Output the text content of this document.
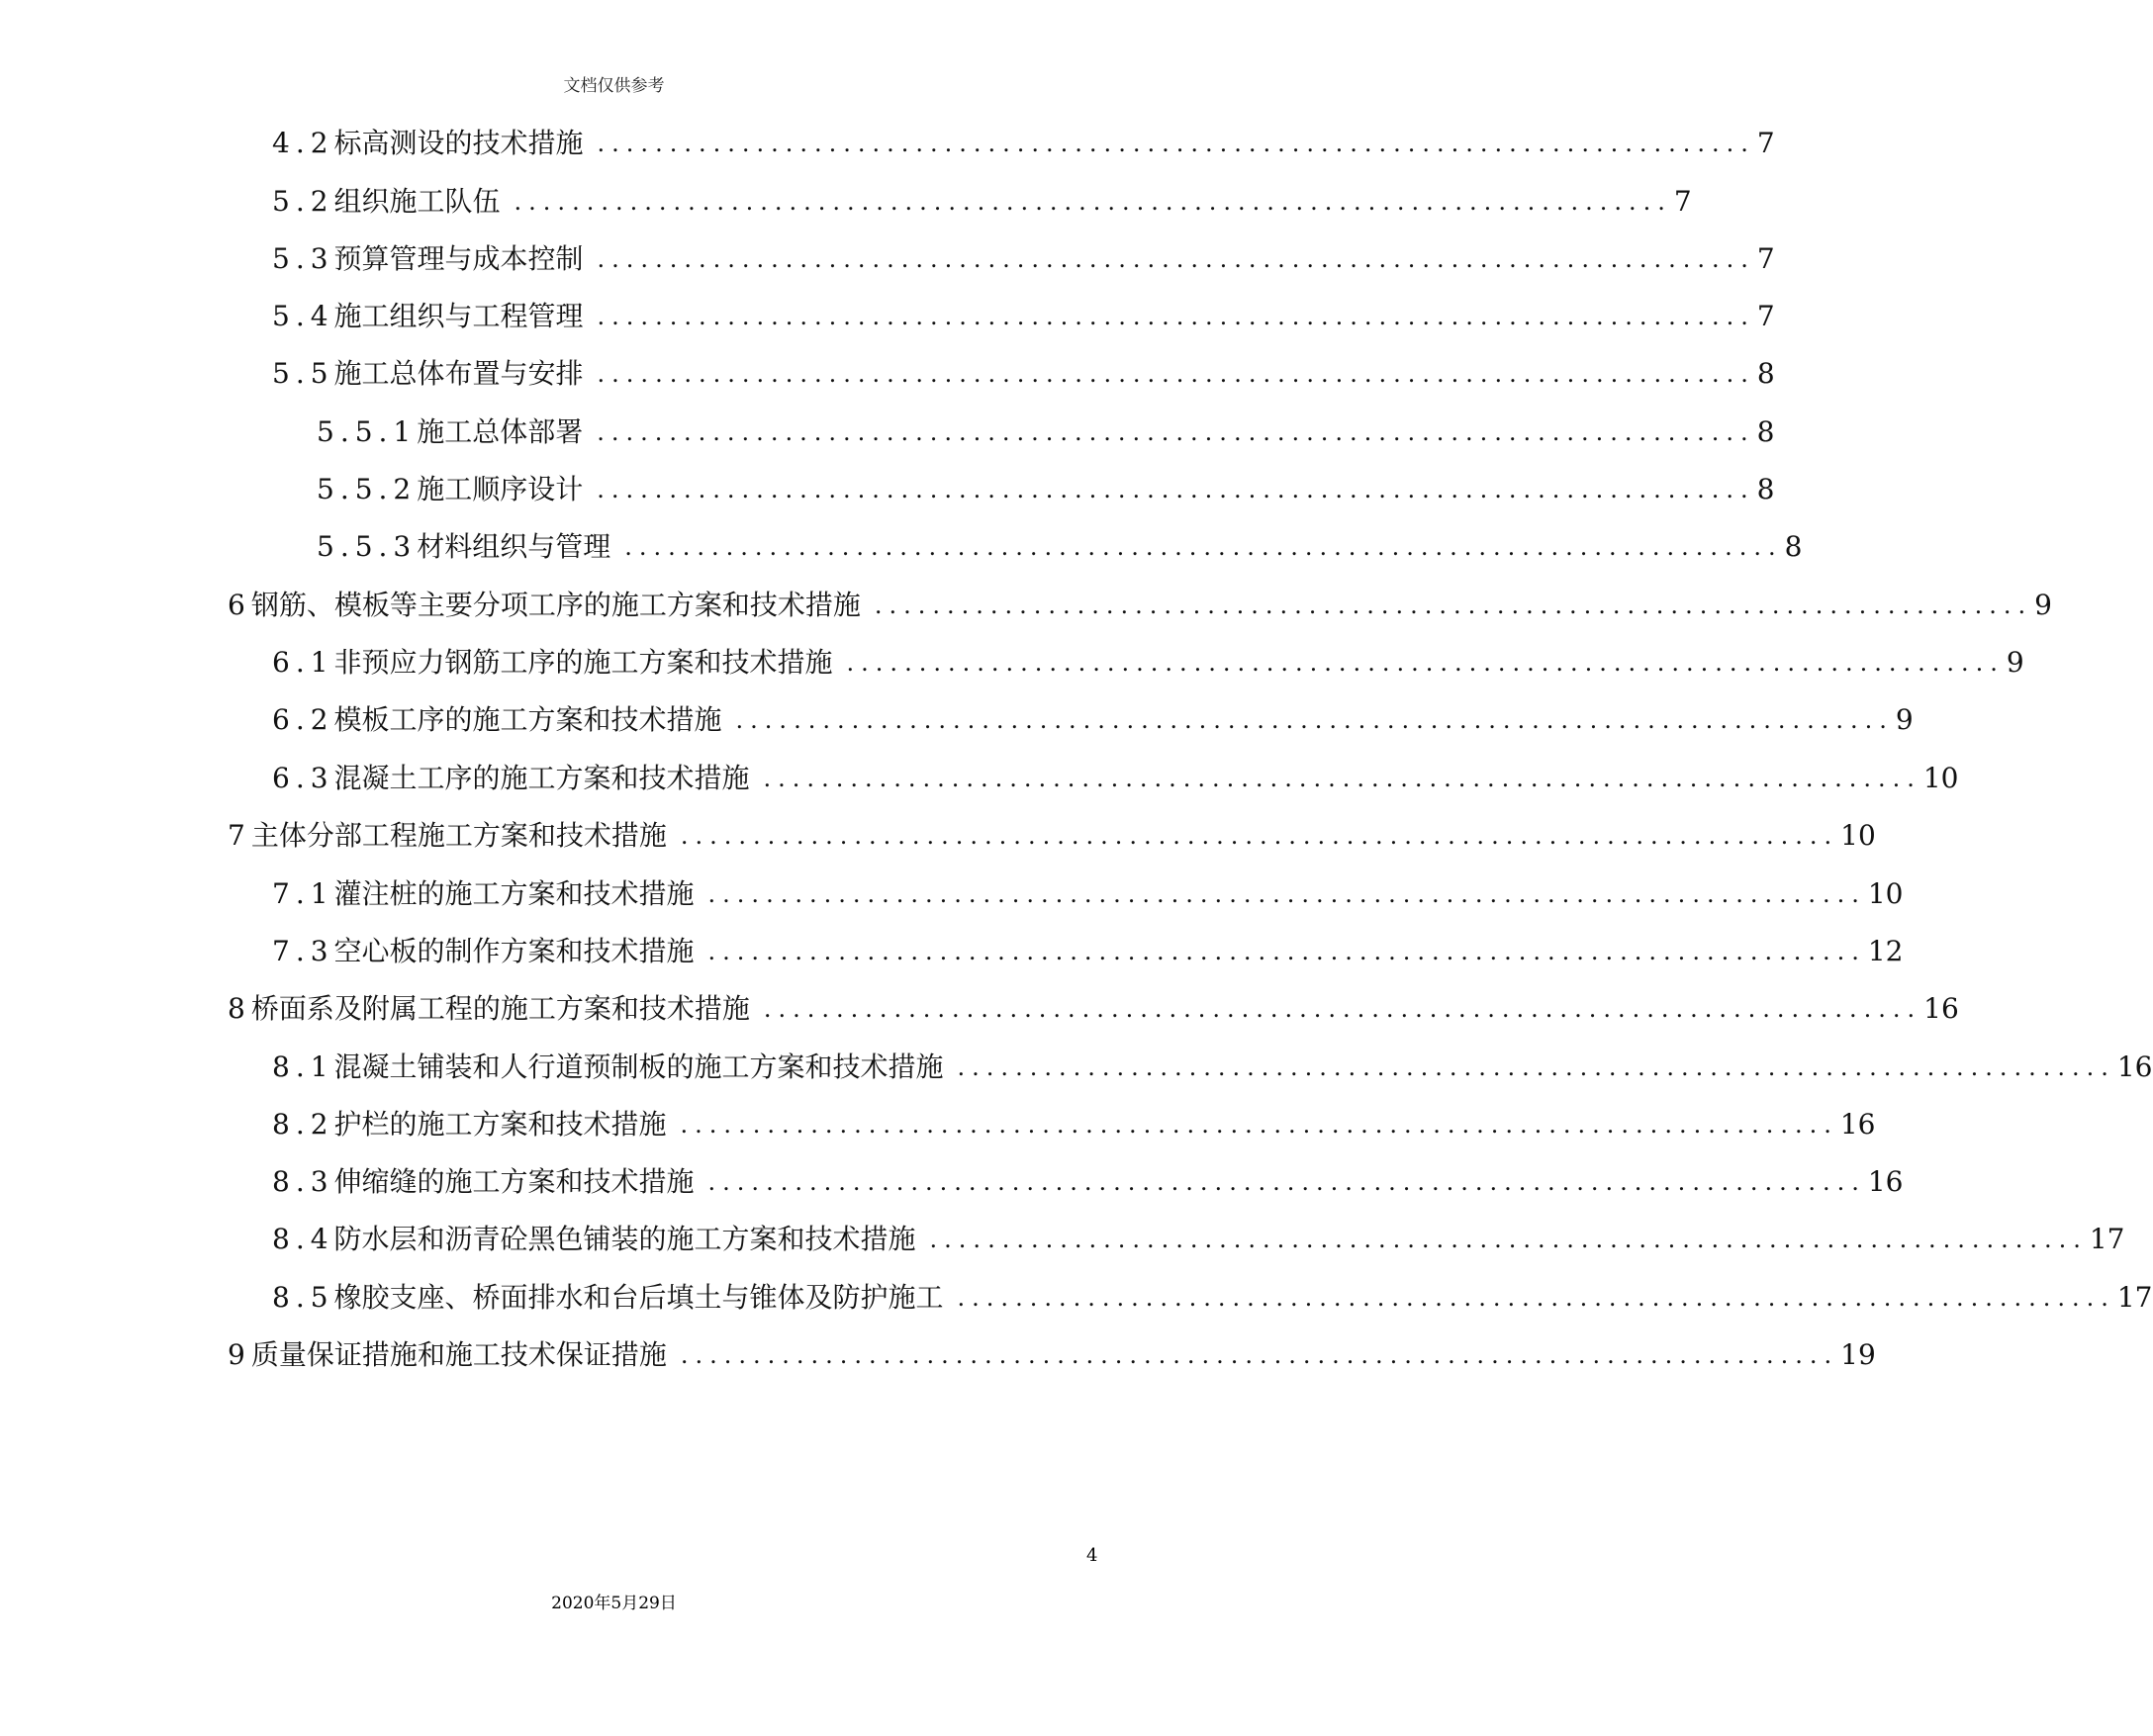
文档仅供参考
4.2 标高测设的技术措施 ................................................................................ 7
5.2 组织施工队伍 ................................................................................ 7
5.3 预算管理与成本控制 ................................................................................ 7
5.4 施工组织与工程管理 ................................................................................ 7
5.5 施工总体布置与安排 ................................................................................ 8
5.5.1 施工总体部署 ................................................................................ 8
5.5.2 施工顺序设计 ................................................................................ 8
5.5.3 材料组织与管理 ................................................................................ 8
6 钢筋、模板等主要分项工序的施工方案和技术措施 ................................................................................ 9
6.1 非预应力钢筋工序的施工方案和技术措施 ................................................................................ 9
6.2 模板工序的施工方案和技术措施 ................................................................................ 9
6.3 混凝土工序的施工方案和技术措施 ................................................................................ 10
7 主体分部工程施工方案和技术措施 ................................................................................ 10
7.1 灌注桩的施工方案和技术措施 ................................................................................ 10
7.3 空心板的制作方案和技术措施 ................................................................................ 12
8 桥面系及附属工程的施工方案和技术措施 ................................................................................ 16
8.1 混凝土铺装和人行道预制板的施工方案和技术措施 ................................................................................ 16
8.2 护栏的施工方案和技术措施 ................................................................................ 16
8.3 伸缩缝的施工方案和技术措施 ................................................................................ 16
8.4 防水层和沥青砼黑色铺装的施工方案和技术措施 ................................................................................ 17
8.5 橡胶支座、桥面排水和台后填土与锥体及防护施工 ................................................................................ 17
9 质量保证措施和施工技术保证措施 ................................................................................ 19
4
2020年5月29日
